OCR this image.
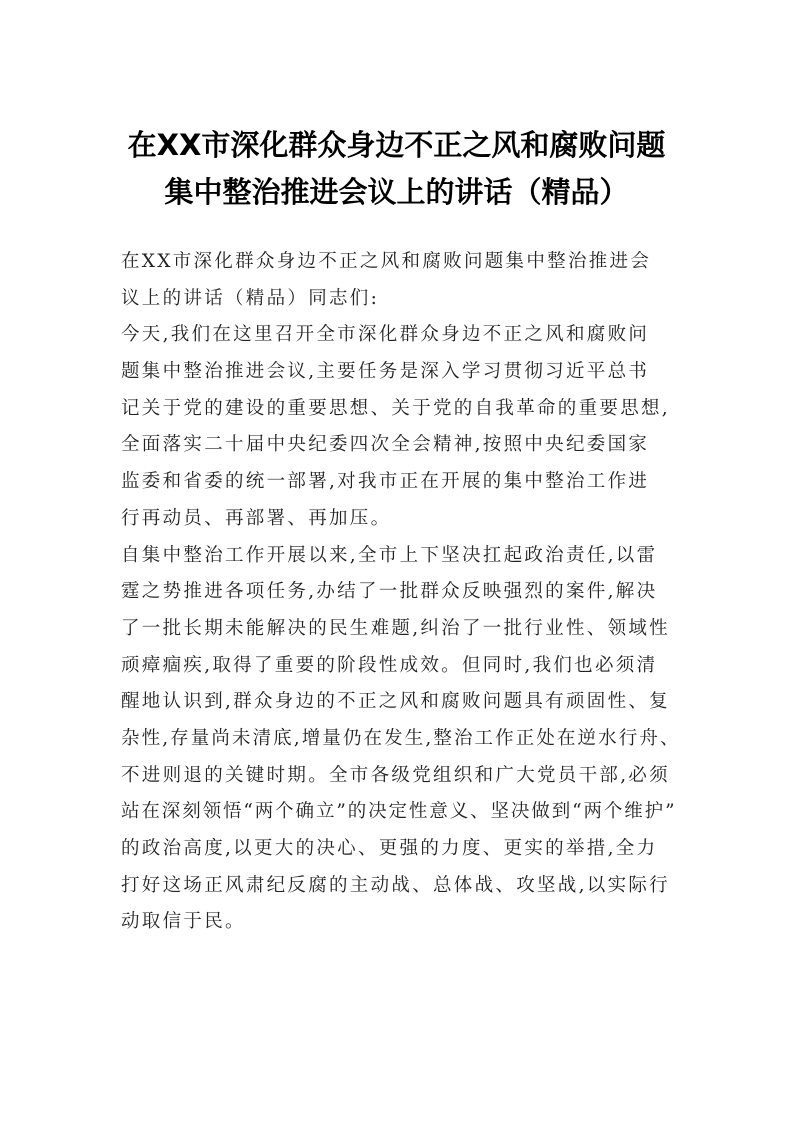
在XX市深化群众身边不正之风和腐败问题
集中整治推进会议上的讲话（精品）
在XX市深化群众身边不正之风和腐败问题集中整治推进会
议上的讲话（精品）同志们:
今天,我们在这里召开全市深化群众身边不正之风和腐败问
题集中整治推进会议,主要任务是深入学习贯彻习近平总书
记关于党的建设的重要思想、关于党的自我革命的重要思想,
全面落实二十届中央纪委四次全会精神,按照中央纪委国家
监委和省委的统一部署,对我市正在开展的集中整治工作进
行再动员、再部署、再加压。
自集中整治工作开展以来,全市上下坚决扛起政治责任,以雷
霆之势推进各项任务,办结了一批群众反映强烈的案件,解决
了一批长期未能解决的民生难题,纠治了一批行业性、领域性
顽瘴痼疾,取得了重要的阶段性成效。但同时,我们也必须清
醒地认识到,群众身边的不正之风和腐败问题具有顽固性、复
杂性,存量尚未清底,增量仍在发生,整治工作正处在逆水行舟、
不进则退的关键时期。全市各级党组织和广大党员干部,必须
站在深刻领悟“两个确立”的决定性意义、坚决做到“两个维护”
的政治高度,以更大的决心、更强的力度、更实的举措,全力
打好这场正风肃纪反腐的主动战、总体战、攻坚战,以实际行
动取信于民。
